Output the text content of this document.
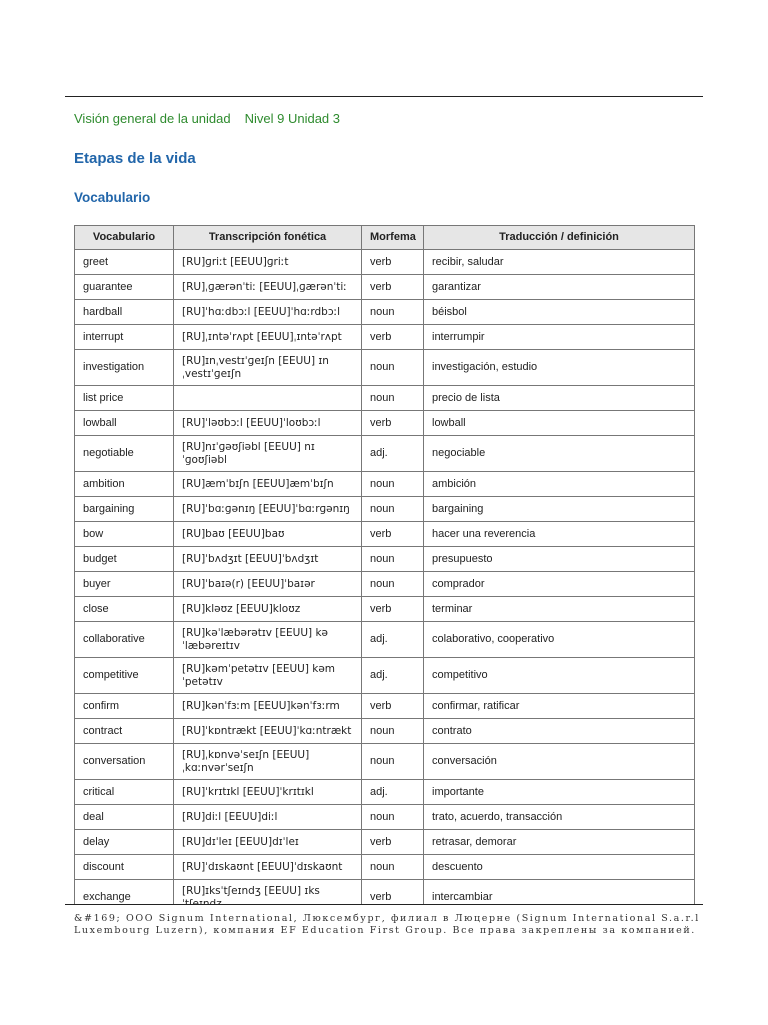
Visión general de la unidad Nivel 9 Unidad 3
Etapas de la vida
Vocabulario
Vocabulario	Transcripción fonética	Morfema	Traducción / definición
greet	[RU]ɡriːt [EEUU]ɡriːt	verb	recibir, saludar
guarantee	[RU]ˌɡærənˈtiː [EEUU]ˌɡærənˈtiː	verb	garantizar
hardball	[RU]ˈhɑːdbɔːl [EEUU]ˈhɑːrdbɔːl	noun	béisbol
interrupt	[RU]ˌɪntəˈrʌpt [EEUU]ˌɪntəˈrʌpt	verb	interrumpir
investigation	[RU]ɪnˌvestɪˈɡeɪʃn [EEUU] ɪnˌvestɪˈɡeɪʃn	noun	investigación, estudio
list price		noun	precio de lista
lowball	[RU]ˈləʊbɔːl [EEUU]ˈloʊbɔːl	verb	lowball
negotiable	[RU]nɪˈɡəʊʃiəbl [EEUU] nɪˈɡoʊʃiəbl	adj.	negociable
ambition	[RU]æmˈbɪʃn [EEUU]æmˈbɪʃn	noun	ambición
bargaining	[RU]ˈbɑːɡənɪŋ [EEUU]ˈbɑːrɡənɪŋ	noun	bargaining
bow	[RU]baʊ [EEUU]baʊ	verb	hacer una reverencia
budget	[RU]ˈbʌdʒɪt [EEUU]ˈbʌdʒɪt	noun	presupuesto
buyer	[RU]ˈbaɪə(r) [EEUU]ˈbaɪər	noun	comprador
close	[RU]kləʊz [EEUU]kloʊz	verb	terminar
collaborative	[RU]kəˈlæbərətɪv [EEUU] kəˈlæbəreɪtɪv	adj.	colaborativo, cooperativo
competitive	[RU]kəmˈpetətɪv [EEUU] kəmˈpetətɪv	adj.	competitivo
confirm	[RU]kənˈfɜːm [EEUU]kənˈfɜːrm	verb	confirmar, ratificar
contract	[RU]ˈkɒntrækt [EEUU]ˈkɑːntrækt	noun	contrato
conversation	[RU]ˌkɒnvəˈseɪʃn [EEUU] ˌkɑːnvərˈseɪʃn	noun	conversación
critical	[RU]ˈkrɪtɪkl [EEUU]ˈkrɪtɪkl	adj.	importante
deal	[RU]diːl [EEUU]diːl	noun	trato, acuerdo, transacción
delay	[RU]dɪˈleɪ [EEUU]dɪˈleɪ	verb	retrasar, demorar
discount	[RU]ˈdɪskaʊnt [EEUU]ˈdɪskaʊnt	noun	descuento
exchange	[RU]ɪksˈtʃeɪndʒ [EEUU] ɪks	verb	intercambiar

&#169; ООО Signum International, Люксембург, филиал в Люцерне (Signum International S.a.r.l Luxembourg Luzern), компания EF Education First Group. Все права закреплены за компанией.
